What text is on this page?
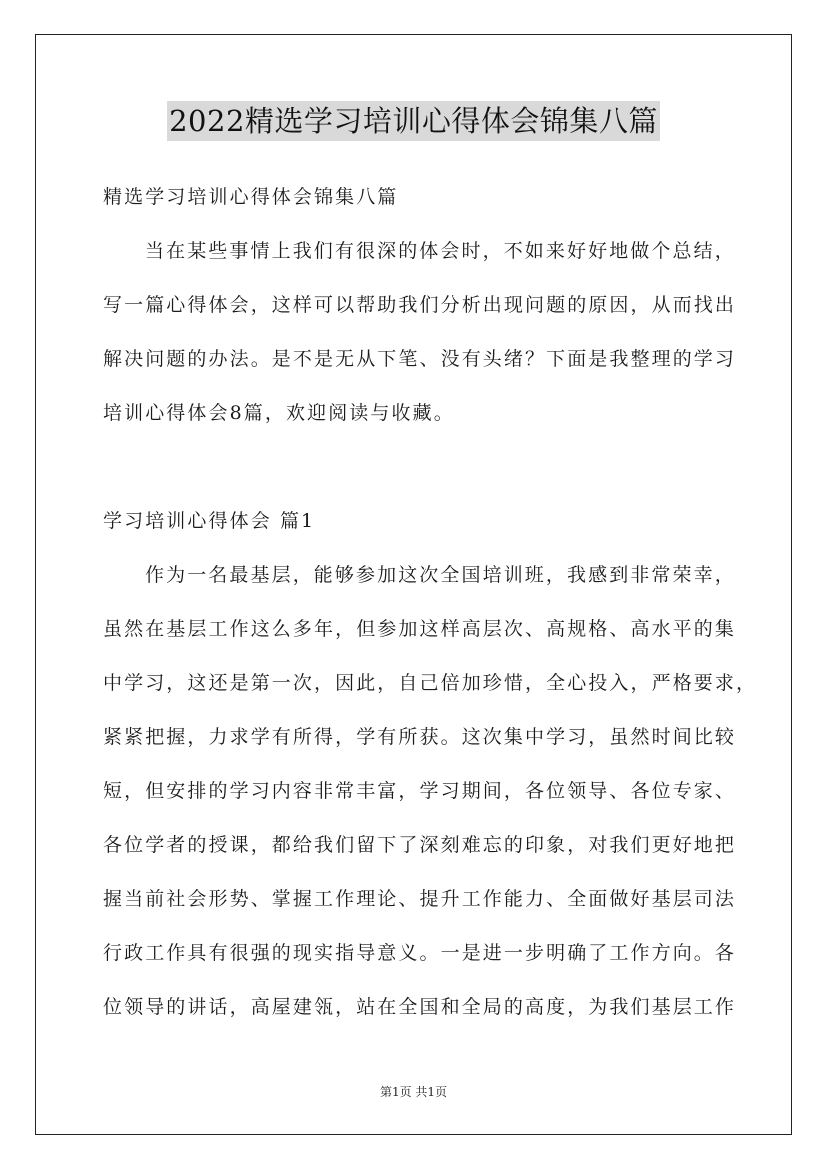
2022精选学习培训心得体会锦集八篇
精选学习培训心得体会锦集八篇
当在某些事情上我们有很深的体会时，不如来好好地做个总结，
写一篇心得体会，这样可以帮助我们分析出现问题的原因，从而找出
解决问题的办法。是不是无从下笔、没有头绪？下面是我整理的学习
培训心得体会8篇，欢迎阅读与收藏。
学习培训心得体会 篇1
作为一名最基层，能够参加这次全国培训班，我感到非常荣幸，
虽然在基层工作这么多年，但参加这样高层次、高规格、高水平的集
中学习，这还是第一次，因此，自己倍加珍惜，全心投入，严格要求，
紧紧把握，力求学有所得，学有所获。这次集中学习，虽然时间比较
短，但安排的学习内容非常丰富，学习期间，各位领导、各位专家、
各位学者的授课，都给我们留下了深刻难忘的印象，对我们更好地把
握当前社会形势、掌握工作理论、提升工作能力、全面做好基层司法
行政工作具有很强的现实指导意义。一是进一步明确了工作方向。各
位领导的讲话，高屋建瓴，站在全国和全局的高度，为我们基层工作
第1页 共1页
